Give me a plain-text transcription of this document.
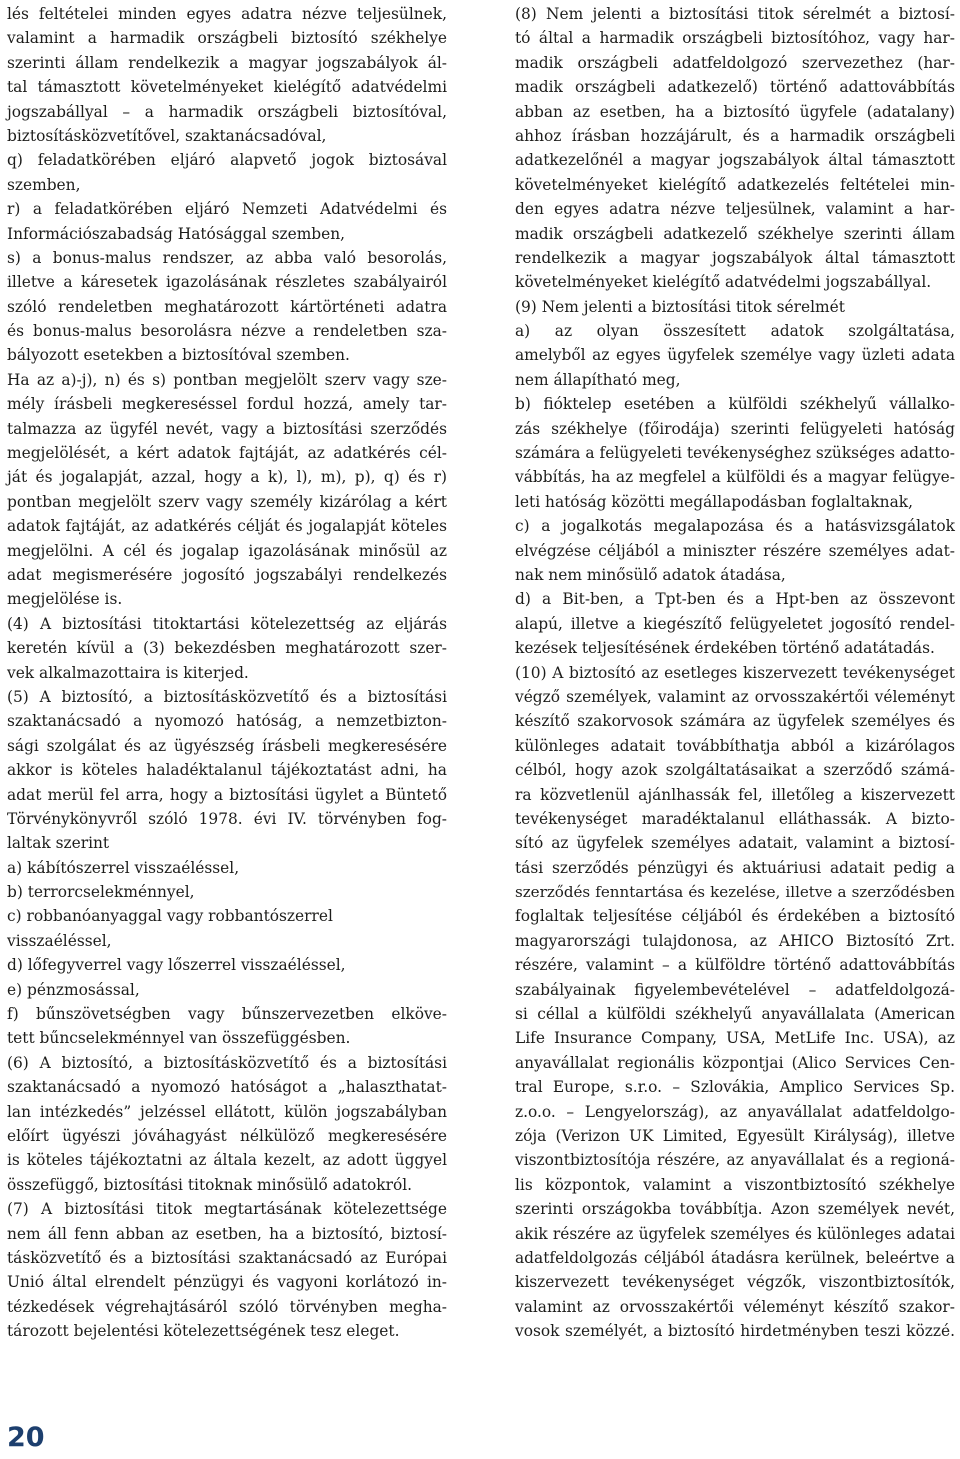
lés feltételei minden egyes adatra nézve teljesülnek,
valamint a harmadik országbeli biztosító székhelye
szerinti állam rendelkezik a magyar jogszabályok ál-
tal támasztott követelményeket kielégítő adatvédelmi
jogszabállyal – a harmadik országbeli biztosítóval,
biztosításközvetítővel, szaktanácsadóval,
q) feladatkörében eljáró alapvető jogok biztosával
szemben,
r) a feladatkörében eljáró Nemzeti Adatvédelmi és
Információszabadság Hatósággal szemben,
s) a bonus-malus rendszer, az abba való besorolás,
illetve a káresetek igazolásának részletes szabályairól
szóló rendeletben meghatározott kártörténeti adatra
és bonus-malus besorolásra nézve a rendeletben sza-
bályozott esetekben a biztosítóval szemben.
Ha az a)-j), n) és s) pontban megjelölt szerv vagy sze-
mély írásbeli megkereséssel fordul hozzá, amely tar-
talmazza az ügyfél nevét, vagy a biztosítási szerződés
megjelölését, a kért adatok fajtáját, az adatkérés cél-
ját és jogalapját, azzal, hogy a k), l), m), p), q) és r)
pontban megjelölt szerv vagy személy kizárólag a kért
adatok fajtáját, az adatkérés célját és jogalapját köteles
megjelölni. A cél és jogalap igazolásának minősül az
adat megismerésére jogosító jogszabályi rendelkezés
megjelölése is.
(4) A biztosítási titoktartási kötelezettség az eljárás
keretén kívül a (3) bekezdésben meghatározott szer-
vek alkalmazottaira is kiterjed.
(5) A biztosító, a biztosításközvetítő és a biztosítási
szaktanácsadó a nyomozó hatóság, a nemzetbizton-
sági szolgálat és az ügyészség írásbeli megkeresésére
akkor is köteles haladéktalanul tájékoztatást adni, ha
adat merül fel arra, hogy a biztosítási ügylet a Büntető
Törvénykönyvről szóló 1978. évi IV. törvényben fog-
laltak szerint
a) kábítószerrel visszaéléssel,
b) terrorcselekménnyel,
c) robbanóanyaggal vagy robbantószerrel
visszaéléssel,
d) lőfegyverrel vagy lőszerrel visszaéléssel,
e) pénzmosással,
f) bűnszövetségben vagy bűnszervezetben elköve-
tett bűncselekménnyel van összefüggésben.
(6) A biztosító, a biztosításközvetítő és a biztosítási
szaktanácsadó a nyomozó hatóságot a „halaszthatat-
lan intézkedés” jelzéssel ellátott, külön jogszabályban
előírt ügyészi jóváhagyást nélkülöző megkeresésére
is köteles tájékoztatni az általa kezelt, az adott üggyel
összefüggő, biztosítási titoknak minősülő adatokról.
(7) A biztosítási titok megtartásának kötelezettsége
nem áll fenn abban az esetben, ha a biztosító, biztosí-
tásközvetítő és a biztosítási szaktanácsadó az Európai
Unió által elrendelt pénzügyi és vagyoni korlátozó in-
tézkedések végrehajtásáról szóló törvényben megha-
tározott bejelentési kötelezettségének tesz eleget.
(8) Nem jelenti a biztosítási titok sérelmét a biztosí-
tó által a harmadik országbeli biztosítóhoz, vagy har-
madik országbeli adatfeldolgozó szervezethez (har-
madik országbeli adatkezelő) történő adattovábbítás
abban az esetben, ha a biztosító ügyfele (adatalany)
ahhoz írásban hozzájárult, és a harmadik országbeli
adatkezelőnél a magyar jogszabályok által támasztott
követelményeket kielégítő adatkezelés feltételei min-
den egyes adatra nézve teljesülnek, valamint a har-
madik országbeli adatkezelő székhelye szerinti állam
rendelkezik a magyar jogszabályok által támasztott
követelményeket kielégítő adatvédelmi jogszabállyal.
(9) Nem jelenti a biztosítási titok sérelmét
a) az olyan összesített adatok szolgáltatása,
amelyből az egyes ügyfelek személye vagy üzleti adata
nem állapítható meg,
b) fióktelep esetében a külföldi székhelyű vállalko-
zás székhelye (főirodája) szerinti felügyeleti hatóság
számára a felügyeleti tevékenységhez szükséges adatto-
vábbítás, ha az megfelel a külföldi és a magyar felügye-
leti hatóság közötti megállapodásban foglaltaknak,
c) a jogalkotás megalapozása és a hatásvizsgálatok
elvégzése céljából a miniszter részére személyes adat-
nak nem minősülő adatok átadása,
d) a Bit-ben, a Tpt-ben és a Hpt-ben az összevont
alapú, illetve a kiegészítő felügyeletet jogosító rendel-
kezések teljesítésének érdekében történő adatátadás.
(10) A biztosító az esetleges kiszervezett tevékenységet
végző személyek, valamint az orvosszakértői véleményt
készítő szakorvosok számára az ügyfelek személyes és
különleges adatait továbbíthatja abból a kizárólagos
célból, hogy azok szolgáltatásaikat a szerződő számá-
ra közvetlenül ajánlhassák fel, illetőleg a kiszervezett
tevékenységet maradéktalanul elláthassák. A bizto-
sító az ügyfelek személyes adatait, valamint a biztosí-
tási szerződés pénzügyi és aktuáriusi adatait pedig a
szerződés fenntartása és kezelése, illetve a szerződésben
foglaltak teljesítése céljából és érdekében a biztosító
magyarországi tulajdonosa, az AHICO Biztosító Zrt.
részére, valamint – a külföldre történő adattovábbítás
szabályainak figyelembevételével – adatfeldolgozá-
si céllal a külföldi székhelyű anyavállalata (American
Life Insurance Company, USA, MetLife Inc. USA), az
anyavállalat regionális központjai (Alico Services Cen-
tral Europe, s.r.o. – Szlovákia, Amplico Services Sp.
z.o.o. – Lengyelország), az anyavállalat adatfeldolgo-
zója (Verizon UK Limited, Egyesült Királyság), illetve
viszontbiztosítója részére, az anyavállalat és a regioná-
lis központok, valamint a viszontbiztosító székhelye
szerinti országokba továbbítja. Azon személyek nevét,
akik részére az ügyfelek személyes és különleges adatai
adatfeldolgozás céljából átadásra kerülnek, beleértve a
kiszervezett tevékenységet végzők, viszontbiztosítók,
valamint az orvosszakértői véleményt készítő szakor-
vosok személyét, a biztosító hirdetményben teszi közzé.
20
